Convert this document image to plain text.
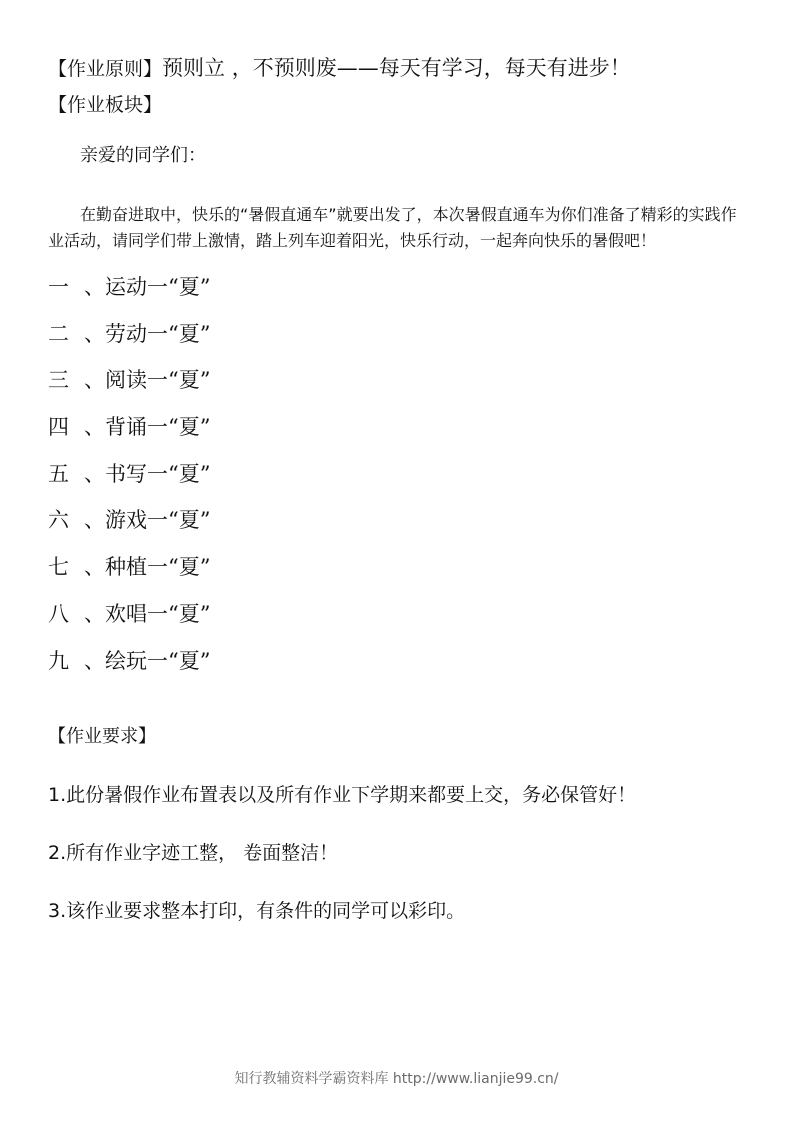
【作业原则】预则立 ，不预则废——每天有学习，每天有进步！
【作业板块】
亲爱的同学们：

在勤奋进取中，快乐的“暑假直通车”就要出发了，本次暑假直通车为你们准备了精彩的实践作业活动，请同学们带上激情，踏上列车迎着阳光，快乐行动，一起奔向快乐的暑假吧！

一 、运动一“夏”
二 、劳动一“夏”
三 、阅读一“夏”
四 、背诵一“夏”
五 、书写一“夏”
六 、游戏一“夏”
七 、种植一“夏”
八 、欢唱一“夏”
九 、绘玩一“夏”
【作业要求】
1.此份暑假作业布置表以及所有作业下学期来都要上交，务必保管好！
2.所有作业字迹工整， 卷面整洁！
3.该作业要求整本打印，有条件的同学可以彩印。
知行教辅资料学霸资料库 http://www.lianjie99.cn/
